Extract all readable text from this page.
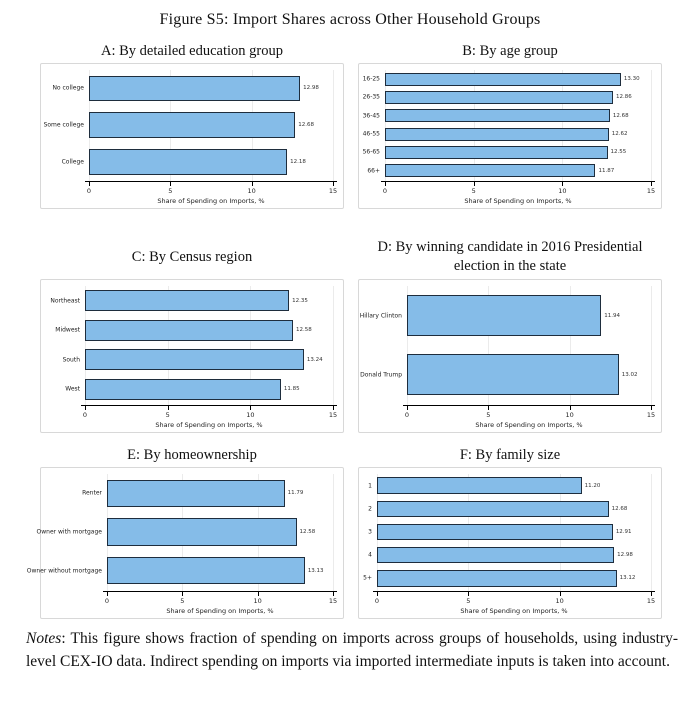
Figure S5: Import Shares across Other Household Groups
A: By detailed education group
0	5	10	15
No college	12.98
Some college	12.68
College	12.18
Share of Spending on Imports, %
B: By age group
0	5	10	15
16-25	13.30
26-35	12.86
36-45	12.68
46-55	12.62
56-65	12.55
66+	11.87
Share of Spending on Imports, %
C: By Census region
0	5	10	15
Northeast	12.35
Midwest	12.58
South	13.24
West	11.85
Share of Spending on Imports, %
D: By winning candidate in 2016 Presidential election in the state
0	5	10	15
Hillary Clinton	11.94
Donald Trump	13.02
Share of Spending on Imports, %
E: By homeownership
0	5	10	15
Renter	11.79
Owner with mortgage	12.58
Owner without mortgage	13.13
Share of Spending on Imports, %
F: By family size
0	5	10	15
1	11.20
2	12.68
3	12.91
4	12.98
5+	13.12
Share of Spending on Imports, %
Notes: This figure shows fraction of spending on imports across groups of households, using industry-level CEX-IO data. Indirect spending on imports via imported intermediate inputs is taken into account.
